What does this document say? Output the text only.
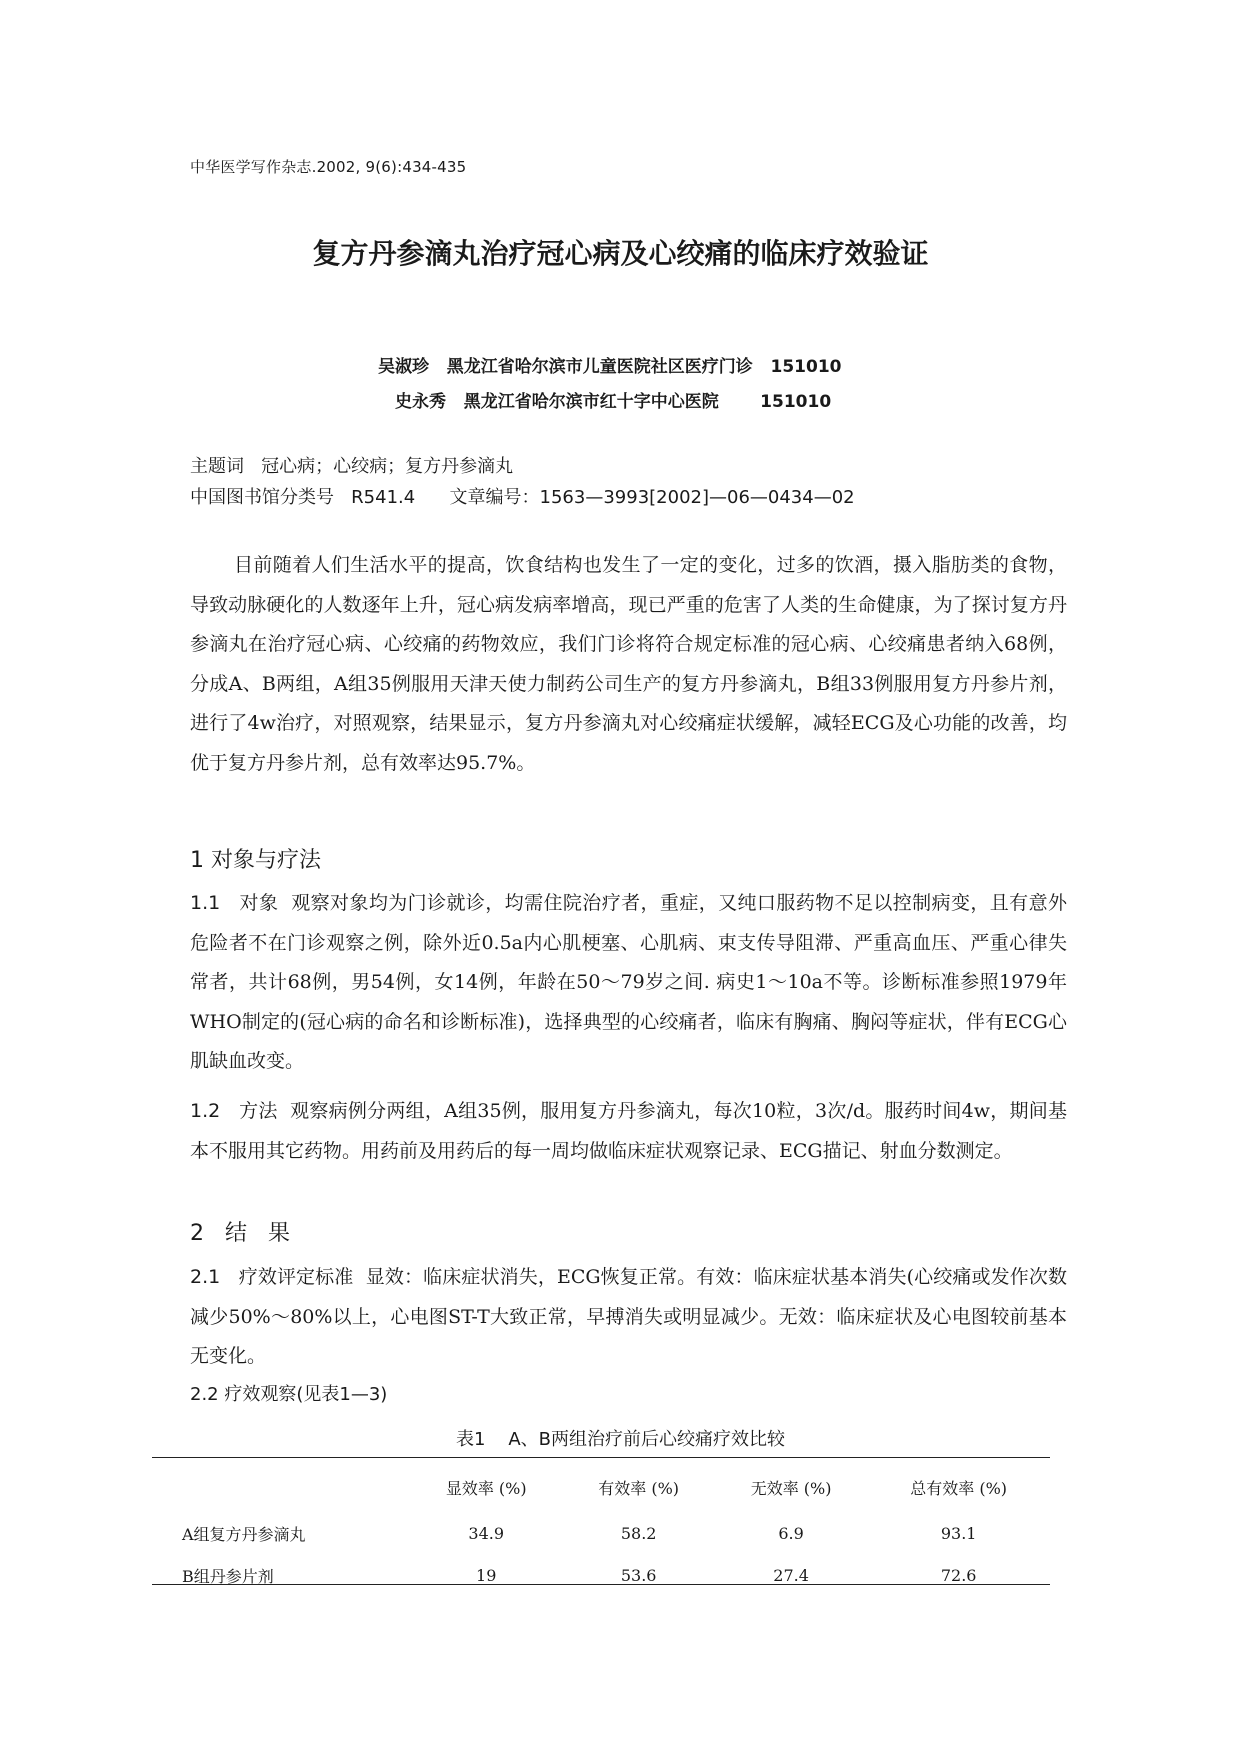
中华医学写作杂志.2002, 9(6):434-435
复方丹参滴丸治疗冠心病及心绞痛的临床疗效验证
吴淑珍   黑龙江省哈尔滨市儿童医院社区医疗门诊   151010
史永秀   黑龙江省哈尔滨市红十字中心医院       151010
主题词   冠心病；心绞病；复方丹参滴丸
中国图书馆分类号   R541.4      文章编号：1563—3993[2002]—06—0434—02
目前随着人们生活水平的提高，饮食结构也发生了一定的变化，过多的饮酒，摄入脂肪类的食物，导致动脉硬化的人数逐年上升，冠心病发病率增高，现已严重的危害了人类的生命健康，为了探讨复方丹参滴丸在治疗冠心病、心绞痛的药物效应，我们门诊将符合规定标准的冠心病、心绞痛患者纳入68例，分成A、B两组，A组35例服用天津天使力制药公司生产的复方丹参滴丸，B组33例服用复方丹参片剂，进行了4w治疗，对照观察，结果显示，复方丹参滴丸对心绞痛症状缓解，减轻ECG及心功能的改善，均优于复方丹参片剂，总有效率达95.7%。
1 对象与疗法
1.1   对象 观察对象均为门诊就诊，均需住院治疗者，重症，又纯口服药物不足以控制病变，且有意外危险者不在门诊观察之例，除外近0.5a内心肌梗塞、心肌病、束支传导阻滞、严重高血压、严重心律失常者，共计68例，男54例，女14例，年龄在50～79岁之间. 病史1～10a不等。诊断标准参照1979年WHO制定的(冠心病的命名和诊断标准)，选择典型的心绞痛者，临床有胸痛、胸闷等症状，伴有ECG心肌缺血改变。
1.2   方法 观察病例分两组，A组35例，服用复方丹参滴丸，每次10粒，3次/d。服药时间4w，期间基本不服用其它药物。用药前及用药后的每一周均做临床症状观察记录、ECG描记、射血分数测定。
2   结   果
2.1   疗效评定标准 显效：临床症状消失，ECG恢复正常。有效：临床症状基本消失(心绞痛或发作次数减少50%～80%以上，心电图ST-T大致正常，早搏消失或明显减少。无效：临床症状及心电图较前基本无变化。
2.2 疗效观察(见表1—3)
表1    A、B两组治疗前后心绞痛疗效比较
	显效率 (%)	有效率 (%)	无效率 (%)	总有效率 (%)
A组复方丹参滴丸	34.9	58.2	6.9	93.1
B组丹参片剂	19	53.6	27.4	72.6
